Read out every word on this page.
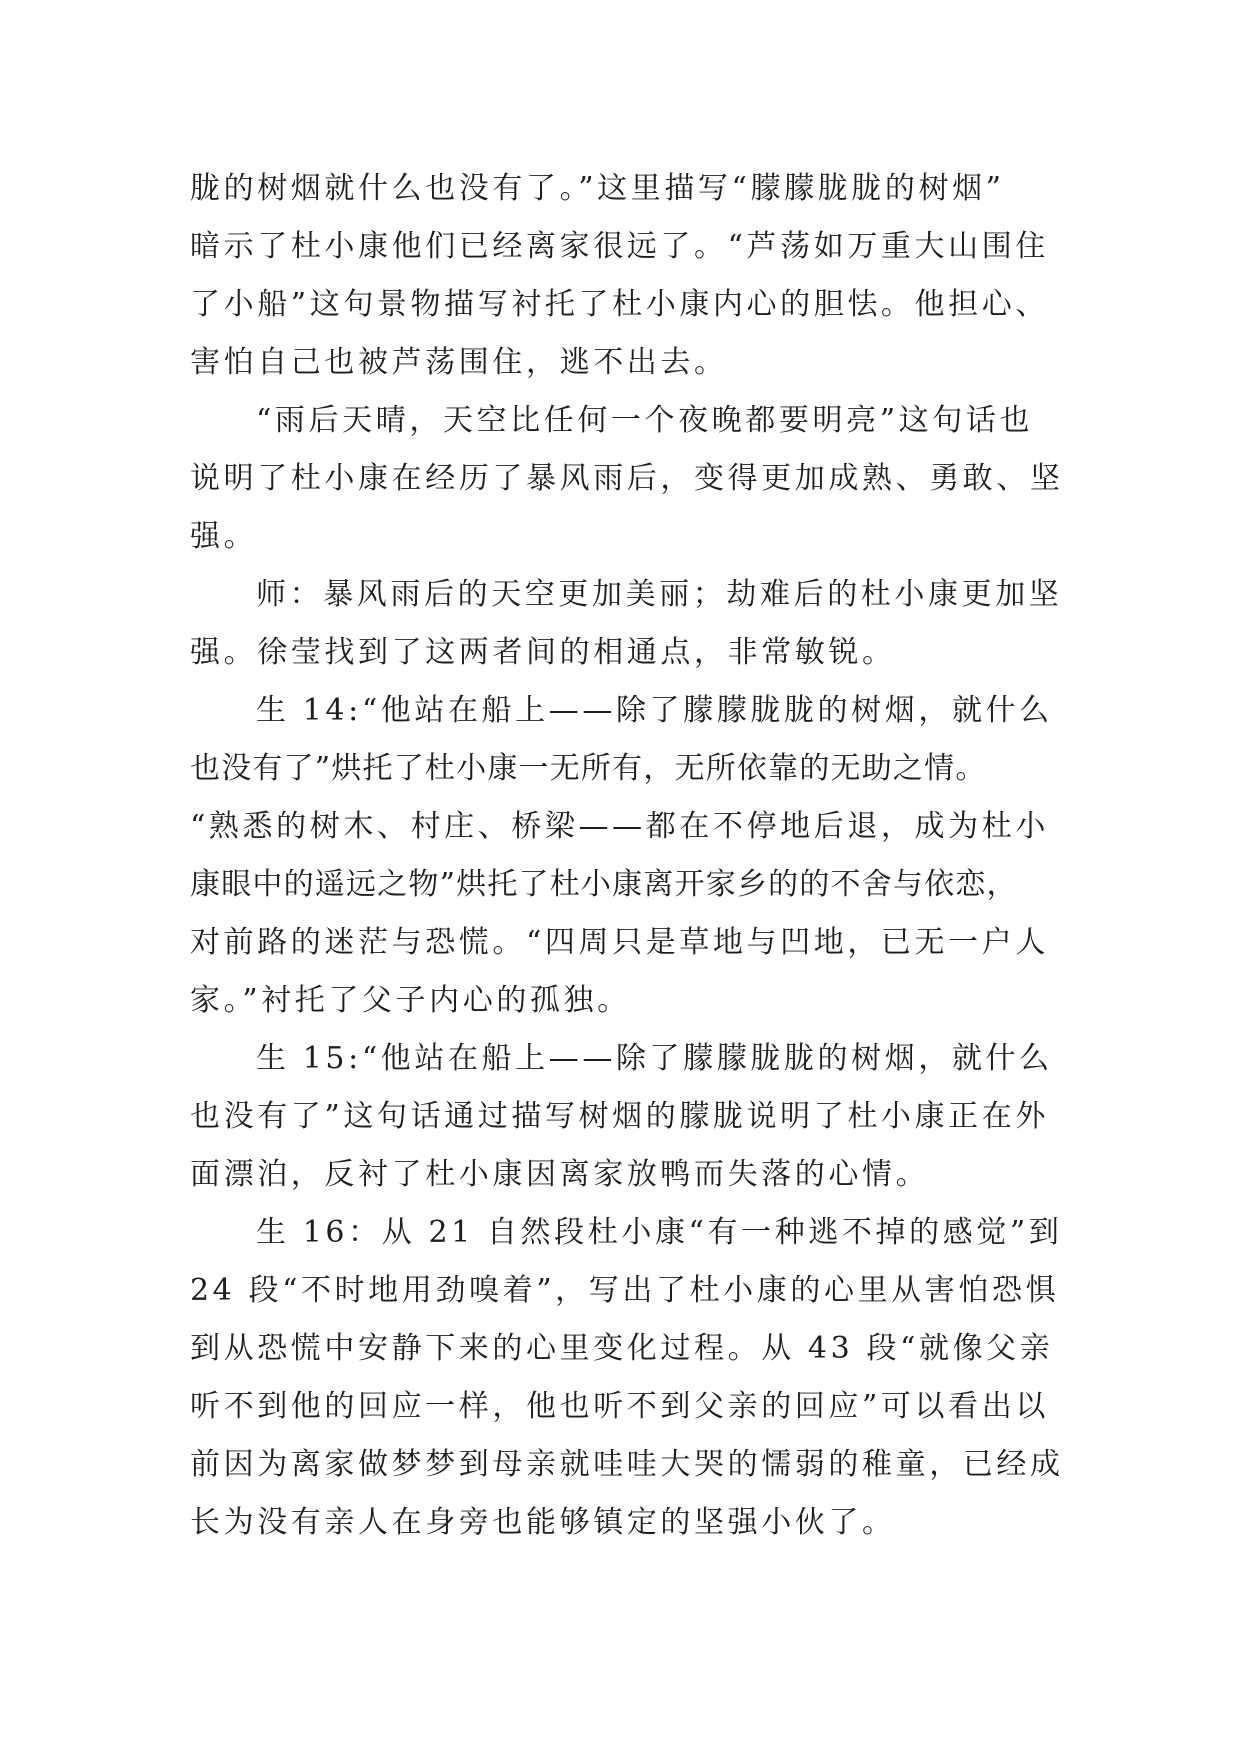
胧的树烟就什么也没有了。”这里描写“朦朦胧胧的树烟”
暗示了杜小康他们已经离家很远了。“芦荡如万重大山围住
了小船”这句景物描写衬托了杜小康内心的胆怯。他担心、
害怕自己也被芦荡围住，逃不出去。
“雨后天晴，天空比任何一个夜晚都要明亮”这句话也
说明了杜小康在经历了暴风雨后，变得更加成熟、勇敢、坚
强。
师：暴风雨后的天空更加美丽；劫难后的杜小康更加坚
强。徐莹找到了这两者间的相通点，非常敏锐。
生 14:“他站在船上——除了朦朦胧胧的树烟，就什么
也没有了”烘托了杜小康一无所有，无所依靠的无助之情。
“熟悉的树木、村庄、桥梁——都在不停地后退，成为杜小
康眼中的遥远之物”烘托了杜小康离开家乡的的不舍与依恋，
对前路的迷茫与恐慌。“四周只是草地与凹地，已无一户人
家。”衬托了父子内心的孤独。
生 15:“他站在船上——除了朦朦胧胧的树烟，就什么
也没有了”这句话通过描写树烟的朦胧说明了杜小康正在外
面漂泊，反衬了杜小康因离家放鸭而失落的心情。
生 16：从 21 自然段杜小康“有一种逃不掉的感觉”到
24 段“不时地用劲嗅着”，写出了杜小康的心里从害怕恐惧
到从恐慌中安静下来的心里变化过程。从 43 段“就像父亲
听不到他的回应一样，他也听不到父亲的回应”可以看出以
前因为离家做梦梦到母亲就哇哇大哭的懦弱的稚童，已经成
长为没有亲人在身旁也能够镇定的坚强小伙了。
